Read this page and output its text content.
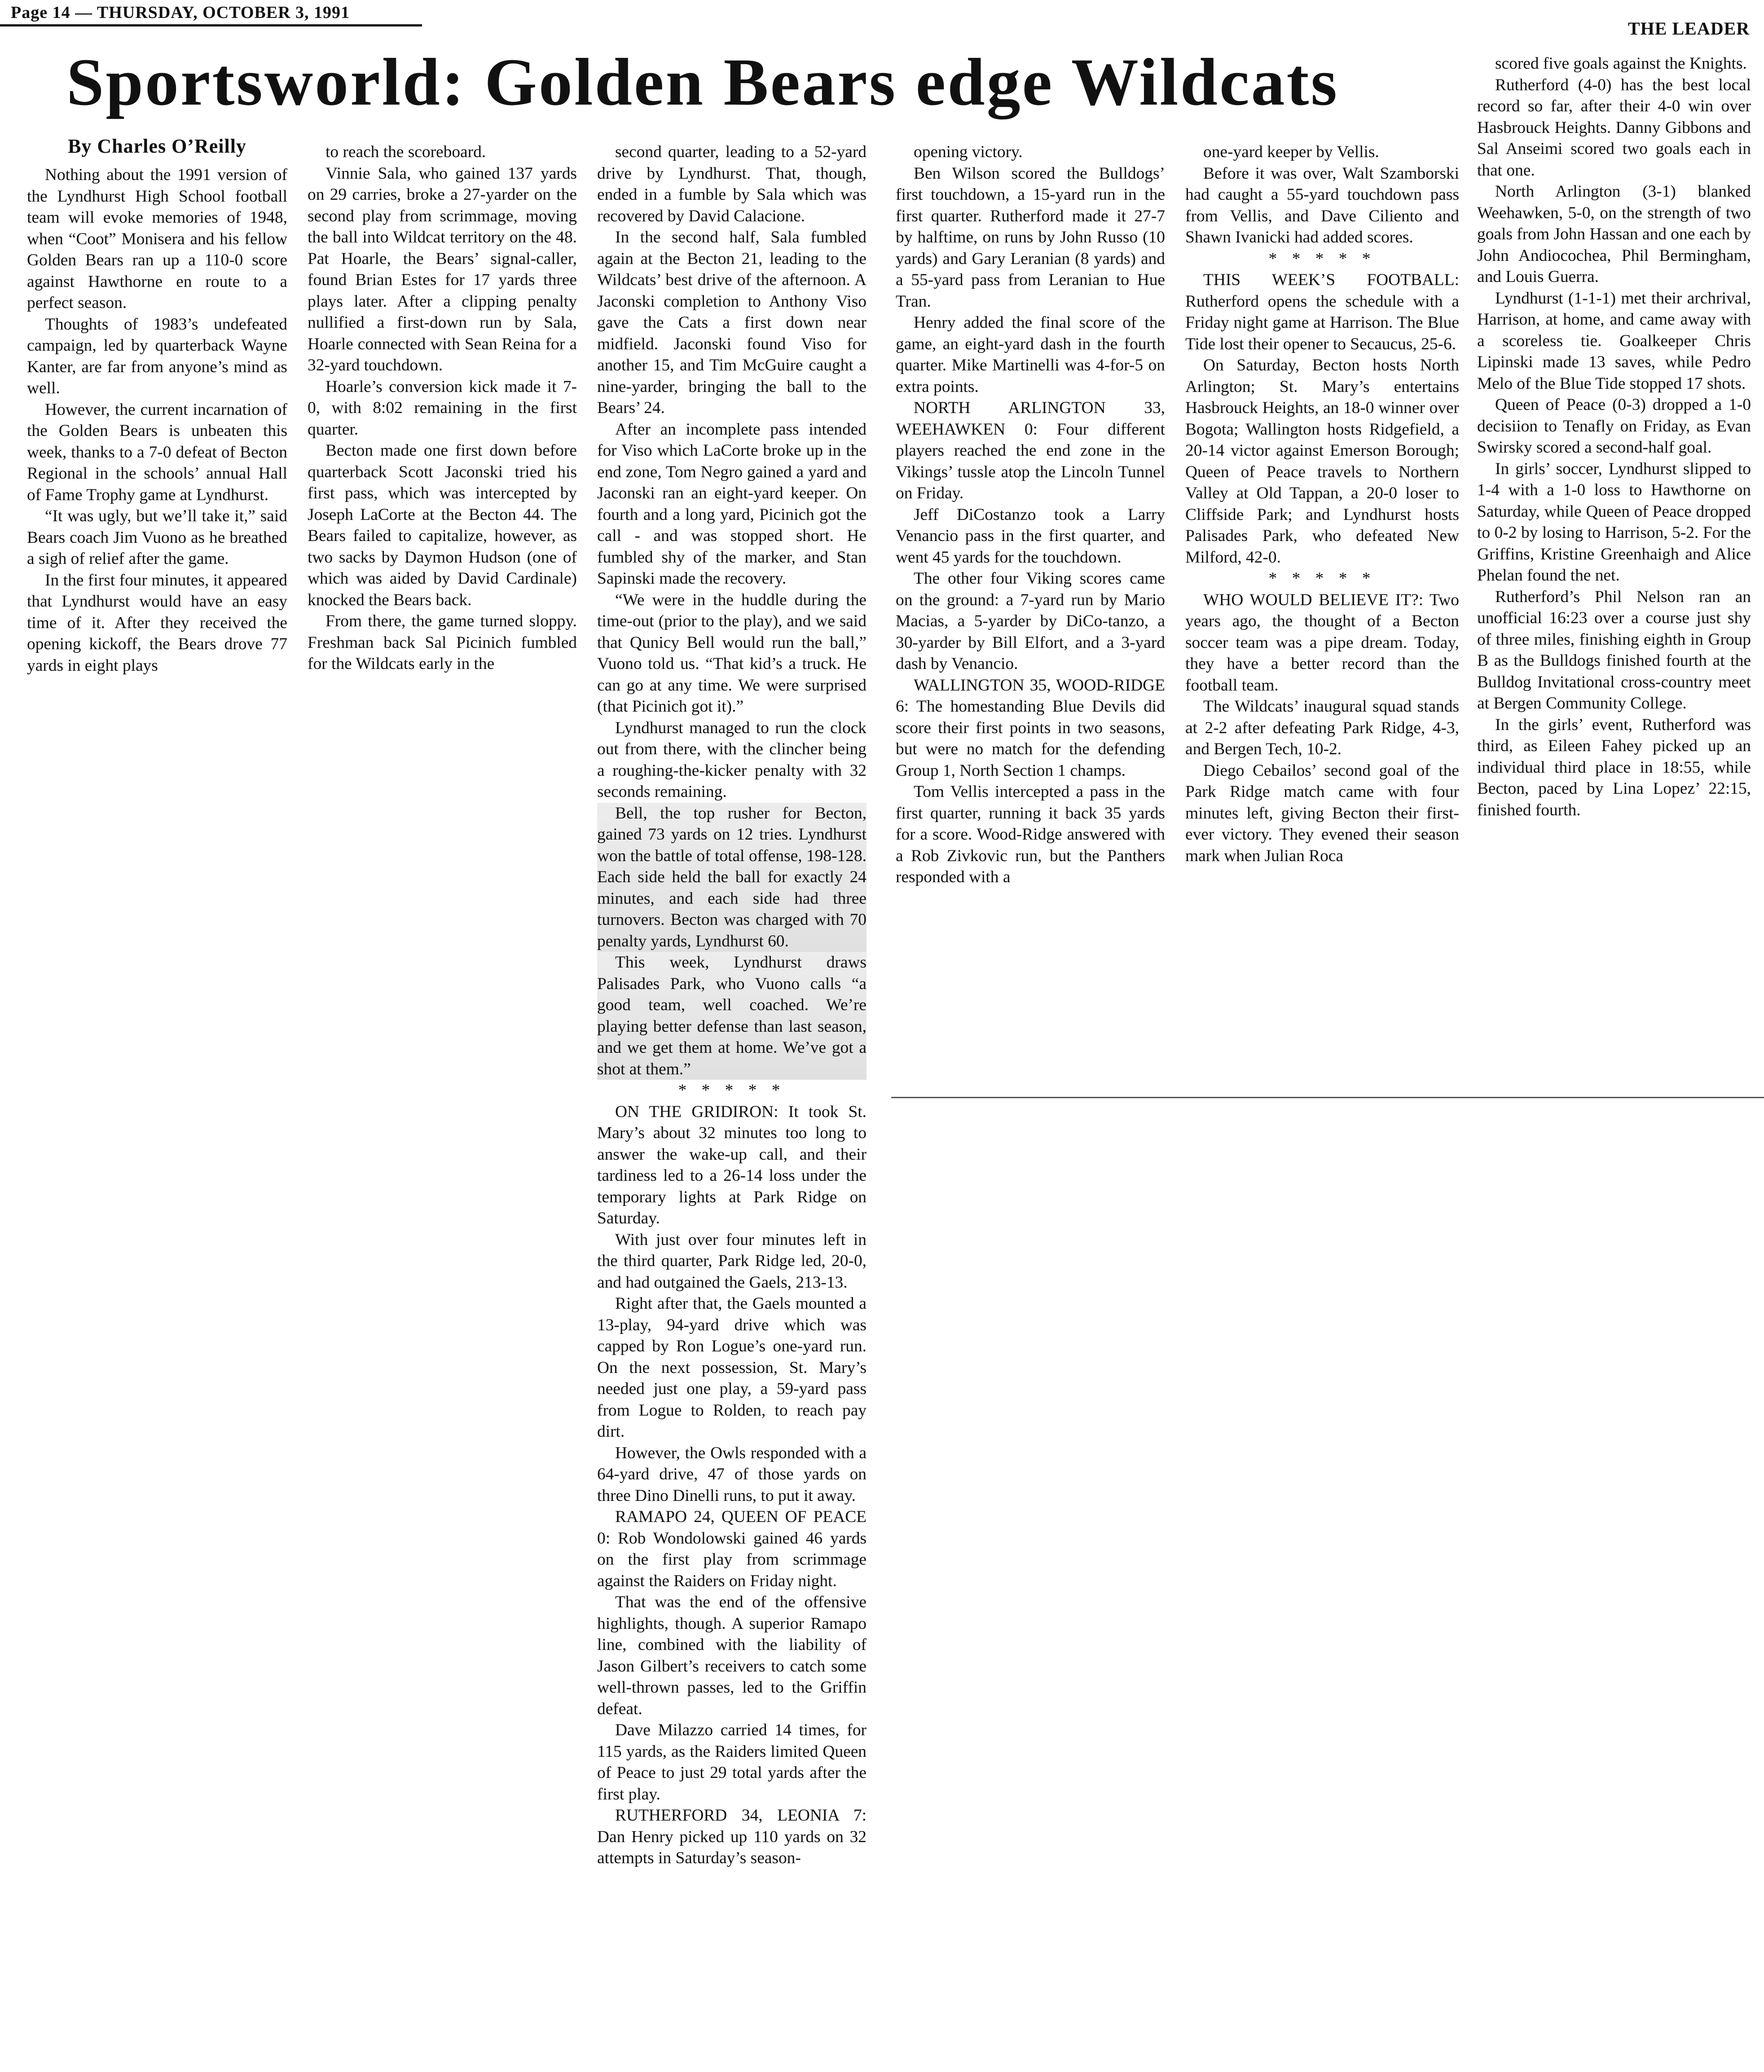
Page 14 — THURSDAY, OCTOBER 3, 1991
THE LEADER
Sportsworld: Golden Bears edge Wildcats
By Charles O’Reilly

Nothing about the 1991 version of the Lyndhurst High School football team will evoke memories of 1948, when “Coot” Monisera and his fellow Golden Bears ran up a 110-0 score against Hawthorne en route to a perfect season.

Thoughts of 1983’s undefeated campaign, led by quarterback Wayne Kanter, are far from anyone’s mind as well.

However, the current incarnation of the Golden Bears is unbeaten this week, thanks to a 7-0 defeat of Becton Regional in the schools’ annual Hall of Fame Trophy game at Lyndhurst.

“It was ugly, but we’ll take it,” said Bears coach Jim Vuono as he breathed a sigh of relief after the game.

In the first four minutes, it appeared that Lyndhurst would have an easy time of it. After they received the opening kickoff, the Bears drove 77 yards in eight plays

to reach the scoreboard.

Vinnie Sala, who gained 137 yards on 29 carries, broke a 27-yarder on the second play from scrimmage, moving the ball into Wildcat territory on the 48. Pat Hoarle, the Bears’ signal-caller, found Brian Estes for 17 yards three plays later. After a clipping penalty nullified a first-down run by Sala, Hoarle connected with Sean Reina for a 32-yard touchdown.

Hoarle’s conversion kick made it 7-0, with 8:02 remaining in the first quarter.

Becton made one first down before quarterback Scott Jaconski tried his first pass, which was intercepted by Joseph LaCorte at the Becton 44. The Bears failed to capitalize, however, as two sacks by Daymon Hudson (one of which was aided by David Cardinale) knocked the Bears back.

From there, the game turned sloppy. Freshman back Sal Picinich fumbled for the Wildcats early in the

second quarter, leading to a 52-yard drive by Lyndhurst. That, though, ended in a fumble by Sala which was recovered by David Calacione.

In the second half, Sala fumbled again at the Becton 21, leading to the Wildcats’ best drive of the afternoon. A Jaconski completion to Anthony Viso gave the Cats a first down near midfield. Jaconski found Viso for another 15, and Tim McGuire caught a nine-yarder, bringing the ball to the Bears’ 24.

After an incomplete pass intended for Viso which LaCorte broke up in the end zone, Tom Negro gained a yard and Jaconski ran an eight-yard keeper. On fourth and a long yard, Picinich got the call - and was stopped short. He fumbled shy of the marker, and Stan Sapinski made the recovery.

“We were in the huddle during the time-out (prior to the play), and we said that Qunicy Bell would run the ball,” Vuono told us. “That kid’s a truck. He can go at any time. We were surprised (that Picinich got it).”

Lyndhurst managed to run the clock out from there, with the clincher being a roughing-the-kicker penalty with 32 seconds remaining.

Bell, the top rusher for Becton, gained 73 yards on 12 tries. Lyndhurst won the battle of total offense, 198-128. Each side held the ball for exactly 24 minutes, and each side had three turnovers. Becton was charged with 70 penalty yards, Lyndhurst 60.

This week, Lyndhurst draws Palisades Park, who Vuono calls “a good team, well coached. We’re playing better defense than last season, and we get them at home. We’ve got a shot at them.”

* * * * *

ON THE GRIDIRON: It took St. Mary’s about 32 minutes too long to answer the wake-up call, and their tardiness led to a 26-14 loss under the temporary lights at Park Ridge on Saturday.

With just over four minutes left in the third quarter, Park Ridge led, 20-0, and had outgained the Gaels, 213-13.

Right after that, the Gaels mounted a 13-play, 94-yard drive which was capped by Ron Logue’s one-yard run. On the next possession, St. Mary’s needed just one play, a 59-yard pass from Logue to Rolden, to reach pay dirt.

However, the Owls responded with a 64-yard drive, 47 of those yards on three Dino Dinelli runs, to put it away.

RAMAPO 24, QUEEN OF PEACE 0: Rob Wondolowski gained 46 yards on the first play from scrimmage against the Raiders on Friday night.

That was the end of the offensive highlights, though. A superior Ramapo line, combined with the liability of Jason Gilbert’s receivers to catch some well-thrown passes, led to the Griffin defeat.

Dave Milazzo carried 14 times, for 115 yards, as the Raiders limited Queen of Peace to just 29 total yards after the first play.

RUTHERFORD 34, LEONIA 7: Dan Henry picked up 110 yards on 32 attempts in Saturday’s season-

opening victory.

Ben Wilson scored the Bulldogs’ first touchdown, a 15-yard run in the first quarter. Rutherford made it 27-7 by halftime, on runs by John Russo (10 yards) and Gary Leranian (8 yards) and a 55-yard pass from Leranian to Hue Tran.

Henry added the final score of the game, an eight-yard dash in the fourth quarter. Mike Martinelli was 4-for-5 on extra points.

NORTH ARLINGTON 33, WEEHAWKEN 0: Four different players reached the end zone in the Vikings’ tussle atop the Lincoln Tunnel on Friday.

Jeff DiCostanzo took a Larry Venancio pass in the first quarter, and went 45 yards for the touchdown.

The other four Viking scores came on the ground: a 7-yard run by Mario Macias, a 5-yarder by DiCo-tanzo, a 30-yarder by Bill Elfort, and a 3-yard dash by Venancio.

WALLINGTON 35, WOOD-RIDGE 6: The homestanding Blue Devils did score their first points in two seasons, but were no match for the defending Group 1, North Section 1 champs.

Tom Vellis intercepted a pass in the first quarter, running it back 35 yards for a score. Wood-Ridge answered with a Rob Zivkovic run, but the Panthers responded with a

one-yard keeper by Vellis.

Before it was over, Walt Szamborski had caught a 55-yard touchdown pass from Vellis, and Dave Ciliento and Shawn Ivanicki had added scores.

* * * * *

THIS WEEK’S FOOTBALL: Rutherford opens the schedule with a Friday night game at Harrison. The Blue Tide lost their opener to Secaucus, 25-6.

On Saturday, Becton hosts North Arlington; St. Mary’s entertains Hasbrouck Heights, an 18-0 winner over Bogota; Wallington hosts Ridgefield, a 20-14 victor against Emerson Borough; Queen of Peace travels to Northern Valley at Old Tappan, a 20-0 loser to Cliffside Park; and Lyndhurst hosts Palisades Park, who defeated New Milford, 42-0.

* * * * *

WHO WOULD BELIEVE IT?: Two years ago, the thought of a Becton soccer team was a pipe dream. Today, they have a better record than the football team.

The Wildcats’ inaugural squad stands at 2-2 after defeating Park Ridge, 4-3, and Bergen Tech, 10-2.

Diego Cebailos’ second goal of the Park Ridge match came with four minutes left, giving Becton their first-ever victory. They evened their season mark when Julian Roca

scored five goals against the Knights.

Rutherford (4-0) has the best local record so far, after their 4-0 win over Hasbrouck Heights. Danny Gibbons and Sal Anseimi scored two goals each in that one.

North Arlington (3-1) blanked Weehawken, 5-0, on the strength of two goals from John Hassan and one each by John Andiocochea, Phil Bermingham, and Louis Guerra.

Lyndhurst (1-1-1) met their archrival, Harrison, at home, and came away with a scoreless tie. Goalkeeper Chris Lipinski made 13 saves, while Pedro Melo of the Blue Tide stopped 17 shots.

Queen of Peace (0-3) dropped a 1-0 decisiion to Tenafly on Friday, as Evan Swirsky scored a second-half goal.

In girls’ soccer, Lyndhurst slipped to 1-4 with a 1-0 loss to Hawthorne on Saturday, while Queen of Peace dropped to 0-2 by losing to Harrison, 5-2. For the Griffins, Kristine Greenhaigh and Alice Phelan found the net.

Rutherford’s Phil Nelson ran an unofficial 16:23 over a course just shy of three miles, finishing eighth in Group B as the Bulldogs finished fourth at the Bulldog Invitational cross-country meet at Bergen Community College.

In the girls’ event, Rutherford was third, as Eileen Fahey picked up an individual third place in 18:55, while Becton, paced by Lina Lopez’ 22:15, finished fourth.
